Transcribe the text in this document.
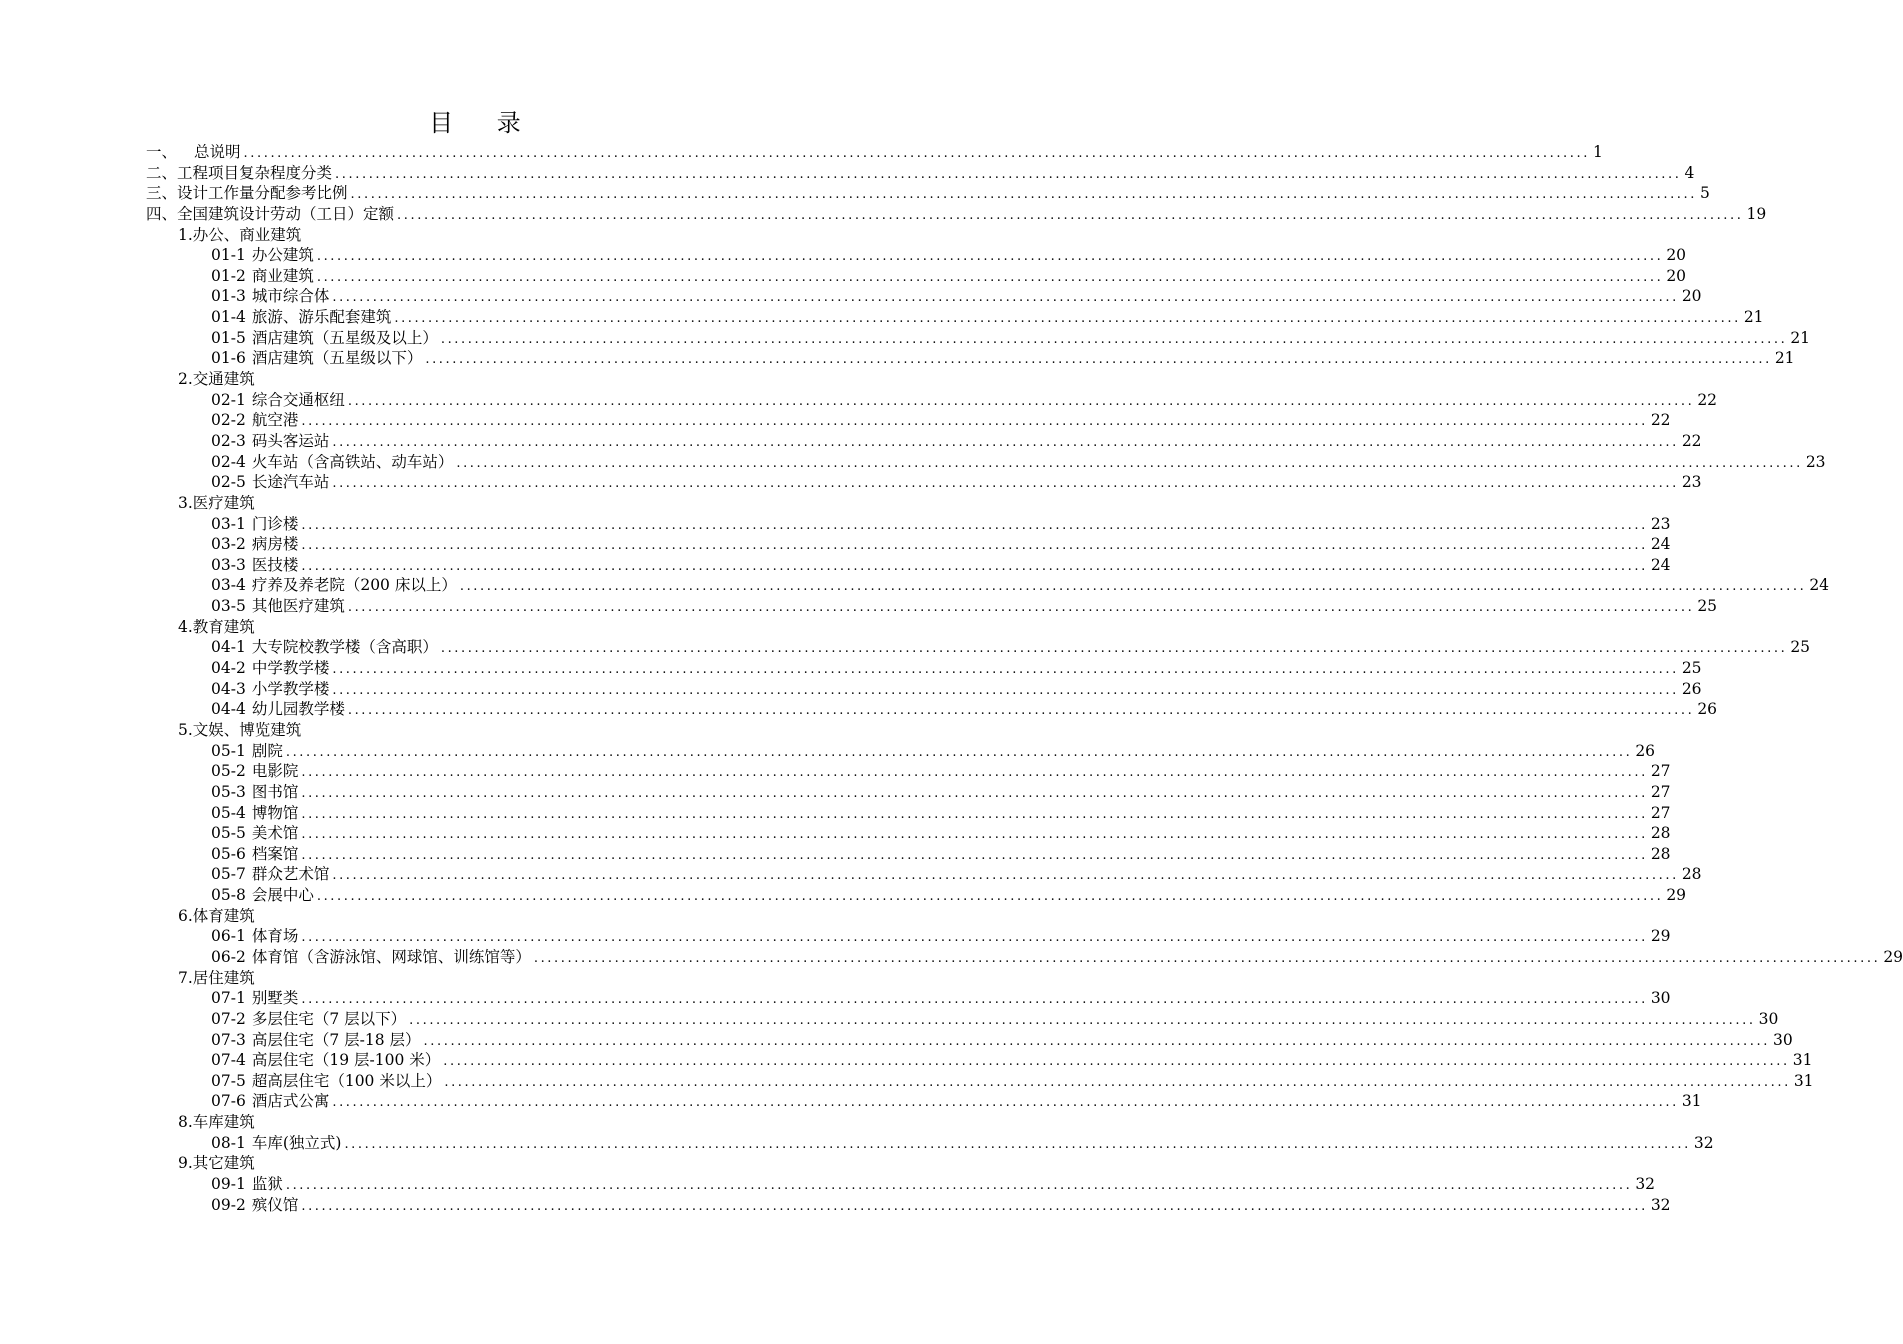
目 录
一、	总说明 ........................................................................................................................................................................................................ 1
二、 工程项目复杂程度分类 ........................................................................................................................................................................................................ 4
三、 设计工作量分配参考比例 ........................................................................................................................................................................................................ 5
四、 全国建筑设计劳动（工日）定额 ........................................................................................................................................................................................................ 19
1.办公、商业建筑
01-1 办公建筑 ........................................................................................................................................................................................................ 20
01-2 商业建筑 ........................................................................................................................................................................................................ 20
01-3 城市综合体 ........................................................................................................................................................................................................ 20
01-4 旅游、游乐配套建筑 ........................................................................................................................................................................................................ 21
01-5 酒店建筑（五星级及以上） ........................................................................................................................................................................................................ 21
01-6 酒店建筑（五星级以下） ........................................................................................................................................................................................................ 21
2.交通建筑
02-1 综合交通枢纽 ........................................................................................................................................................................................................ 22
02-2 航空港 ........................................................................................................................................................................................................ 22
02-3 码头客运站 ........................................................................................................................................................................................................ 22
02-4 火车站（含高铁站、动车站） ........................................................................................................................................................................................................ 23
02-5 长途汽车站 ........................................................................................................................................................................................................ 23
3.医疗建筑
03-1 门诊楼 ........................................................................................................................................................................................................ 23
03-2 病房楼 ........................................................................................................................................................................................................ 24
03-3 医技楼 ........................................................................................................................................................................................................ 24
03-4 疗养及养老院（200 床以上） ........................................................................................................................................................................................................ 24
03-5 其他医疗建筑 ........................................................................................................................................................................................................ 25
4.教育建筑
04-1 大专院校教学楼（含高职） ........................................................................................................................................................................................................ 25
04-2 中学教学楼 ........................................................................................................................................................................................................ 25
04-3 小学教学楼 ........................................................................................................................................................................................................ 26
04-4 幼儿园教学楼 ........................................................................................................................................................................................................ 26
5.文娱、博览建筑
05-1 剧院 ........................................................................................................................................................................................................ 26
05-2 电影院 ........................................................................................................................................................................................................ 27
05-3 图书馆 ........................................................................................................................................................................................................ 27
05-4 博物馆 ........................................................................................................................................................................................................ 27
05-5 美术馆 ........................................................................................................................................................................................................ 28
05-6 档案馆 ........................................................................................................................................................................................................ 28
05-7 群众艺术馆 ........................................................................................................................................................................................................ 28
05-8 会展中心 ........................................................................................................................................................................................................ 29
6.体育建筑
06-1 体育场 ........................................................................................................................................................................................................ 29
06-2 体育馆（含游泳馆、网球馆、训练馆等） ........................................................................................................................................................................................................ 29
7.居住建筑
07-1 别墅类 ........................................................................................................................................................................................................ 30
07-2 多层住宅（7 层以下） ........................................................................................................................................................................................................ 30
07-3 高层住宅（7 层-18 层） ........................................................................................................................................................................................................ 30
07-4 高层住宅（19 层-100 米） ........................................................................................................................................................................................................ 31
07-5 超高层住宅（100 米以上） ........................................................................................................................................................................................................ 31
07-6 酒店式公寓 ........................................................................................................................................................................................................ 31
8.车库建筑
08-1 车库(独立式) ........................................................................................................................................................................................................ 32
9.其它建筑
09-1 监狱 ........................................................................................................................................................................................................ 32
09-2 殡仪馆 ........................................................................................................................................................................................................ 32
